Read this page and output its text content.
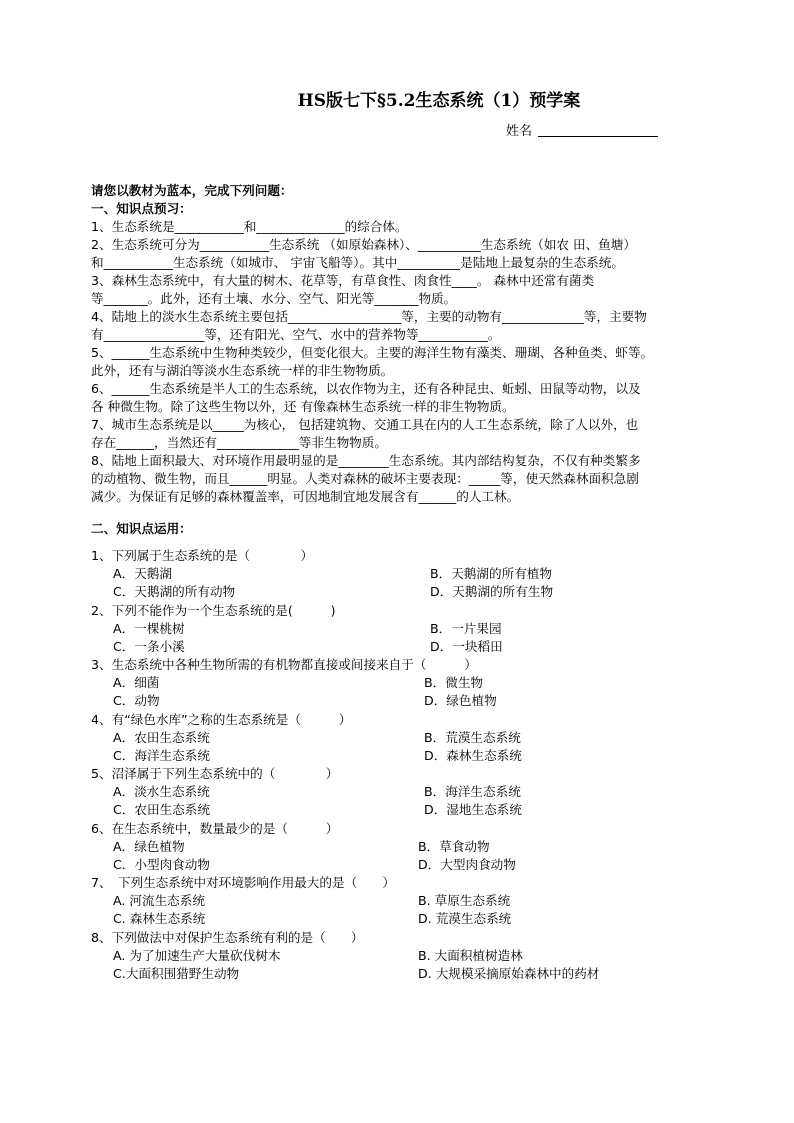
HS版七下§5.2生态系统（1）预学案
姓名
请您以教材为蓝本，完成下列问题：
一、知识点预习：
1、生态系统是___________和______________的综合体。
2、生态系统可分为___________生态系统 （如原始森林）、__________生态系统（如农 田、鱼塘）
和___________生态系统（如城市、 宇宙飞船等）。其中__________是陆地上最复杂的生态系统。
3、森林生态系统中，有大量的树木、花草等，有草食性、肉食性____。 森林中还常有菌类
等_______。此外，还有土壤、水分、空气、阳光等_______物质。
4、陆地上的淡水生态系统主要包括__________________等，主要的动物有_____________等，主要物
有________________等，还有阳光、空气、水中的营养物等___________。
5、______生态系统中生物种类较少，但变化很大。主要的海洋生物有藻类、珊瑚、各种鱼类、虾等。
此外，还有与湖泊等淡水生态系统一样的非生物物质。
6、______生态系统是半人工的生态系统，以农作物为主，还有各种昆虫、蚯蚓、田鼠等动物，以及
各 种微生物。除了这些生物以外，还 有像森林生态系统一样的非生物物质。
7、城市生态系统是以_____为核心， 包括建筑物、交通工具在内的人工生态系统，除了人以外，也
存在______，当然还有_____________等非生物物质。
8、陆地上面积最大、对环境作用最明显的是________生态系统。其内部结构复杂，不仅有种类繁多
的动植物、微生物，而且______明显。人类对森林的破坏主要表现：_____等，使天然森林面积急剧
减少。为保证有足够的森林覆盖率，可因地制宜地发展含有______的人工林。
二、知识点运用：
1、下列属于生态系统的是（　　　　）
A．天鹅湖	B．天鹅湖的所有植物
C．天鹅湖的所有动物	D．天鹅湖的所有生物
2、下列不能作为一个生态系统的是(　　　)
A．一棵桃树	B．一片果园
C．一条小溪	D．一块稻田
3、生态系统中各种生物所需的有机物都直接或间接来自于（　　　）
A．细菌	B．微生物
C．动物	D．绿色植物
4、有“绿色水库”之称的生态系统是（　　　）
A．农田生态系统	B．荒漠生态系统
C．海洋生态系统	D．森林生态系统
5、沼泽属于下列生态系统中的（　　　　）
A．淡水生态系统	B．海洋生态系统
C．农田生态系统	D．湿地生态系统
6、在生态系统中，数量最少的是（　　　）
A．绿色植物	B．草食动物
C．小型肉食动物	D．大型肉食动物
7、　下列生态系统中对环境影响作用最大的是（　　）
A. 河流生态系统	B. 草原生态系统
C. 森林生态系统	D. 荒漠生态系统
8、下列做法中对保护生态系统有利的是（　　）
A. 为了加速生产大量砍伐树木	B. 大面积植树造林
C.大面积围猎野生动物	D. 大规模采摘原始森林中的药材
